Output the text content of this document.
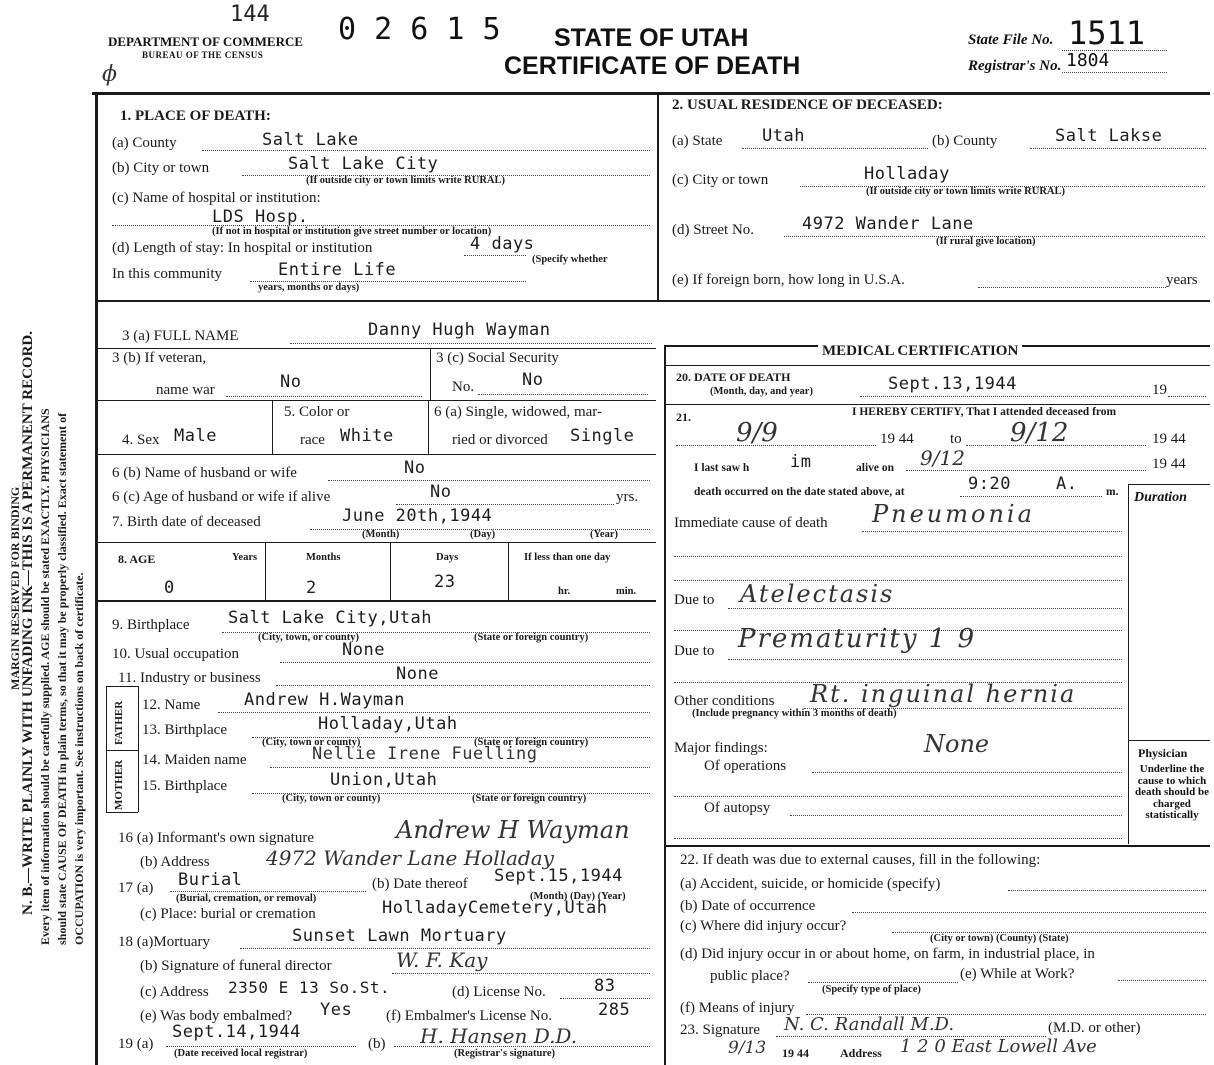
MARGIN RESERVED FOR BINDING
N. B.—WRITE PLAINLY WITH UNFADING INK—THIS IS A PERMANENT RECORD. Every item of information should be carefully supplied. AGE should be stated EXACTLY. PHYSICIANS should state CAUSE OF DEATH in plain terms, so that it may be properly classified. Exact statement of OCCUPATION is very important. See instructions on back of certificate.
DEPARTMENT OF COMMERCE
BUREAU OF THE CENSUS
144 0 2 6 1 5 STATE OF UTAH
CERTIFICATE OF DEATH
State File No. 1511
Registrar's No. 1804
ϕ
1. PLACE OF DEATH:
(a) County	Salt Lake
(b) City or town	Salt Lake City
(If outside city or town limits write RURAL)
(c) Name of hospital or institution:
LDS Hosp.
(If not in hospital or institution give street number or location)
(d) Length of stay: In hospital or institution	4 days
(Specify whether
In this community	Entire Life
years, months or days)
2. USUAL RESIDENCE OF DECEASED:
(a) State Utah	(b) County	Salt Lakse
(c) City or town	Holladay
(If outside city or town limits write RURAL)
(d) Street No.	4972 Wander Lane
(If rural give location)
(e) If foreign born, how long in U.S.A.	years
3 (a) FULL NAME	Danny Hugh Wayman
3 (b) If veteran,
name war	No
3 (c) Social Security
No.	No
4. Sex Male
5. Color or
race White
6 (a) Single, widowed, mar-
ried or divorced Single
6 (b) Name of husband or wife	No
6 (c) Age of husband or wife if alive	No	yrs.
7. Birth date of deceased	June 20th,1944
(Month)	(Day)	(Year)
8. AGE	Years	Months	Days	If less than one day
0	2	23	hr.	min.
9. Birthplace Salt Lake City,Utah
(City, town, or county)	(State or foreign country)
10. Usual occupation	None
11. Industry or business	None
FATHER
MOTHER
12. Name	Andrew H.Wayman
13. Birthplace	Holladay,Utah
(City, town or county)	(State or foreign country)
14. Maiden name	Nellie Irene Fuelling
15. Birthplace	Union,Utah
(City, town or county)	(State or foreign country)
16 (a) Informant's own signature	Andrew H Wayman
(b) Address	4972 Wander Lane Holladay
17 (a) Burial
(Burial, cremation, or removal)
(b) Date thereof Sept.15,1944
(Month) (Day) (Year)
(c) Place: burial or cremation	HolladayCemetery,Utah
18 (a)Mortuary	Sunset Lawn Mortuary
(b) Signature of funeral director	W. F. Kay
(c) Address 2350 E 13 So.St.	(d) License No.	83
(e) Was body embalmed? Yes (f) Embalmer's License No.	285
19 (a)
Sept.14,1944
(Date received local registrar)
(b) H. Hansen D.D.
(Registrar's signature)
MEDICAL CERTIFICATION
20. DATE OF DEATH
(Month, day, and year)	Sept.13,1944	19
21.	I HEREBY CERTIFY, That I attended deceased from
9/9	19 44 to 9/12	19 44
I last saw h im	alive on 9/12	19 44
death occurred on the date stated above, at	9:20	A. m. Duration
Immediate cause of death Pneumonia
Due to Atelectasis
Due to Prematurity 1 9
Other conditions Rt. inguinal hernia
(Include pregnancy within 3 months of death)
Major findings:
Of operations
None
Of autopsy
Physician
Underline the cause to which death should be charged statistically
22. If death was due to external causes, fill in the following:
(a) Accident, suicide, or homicide (specify)
(b) Date of occurrence
(c) Where did injury occur?
(City or town) (County) (State)
(d) Did injury occur in or about home, on farm, in industrial place, in
public place?
(Specify type of place)
(e) While at Work?
(f) Means of injury
23. Signature N. C. Randall M.D.	(M.D. or other)
9/13 19 44	Address 1 2 0 East Lowell Ave
